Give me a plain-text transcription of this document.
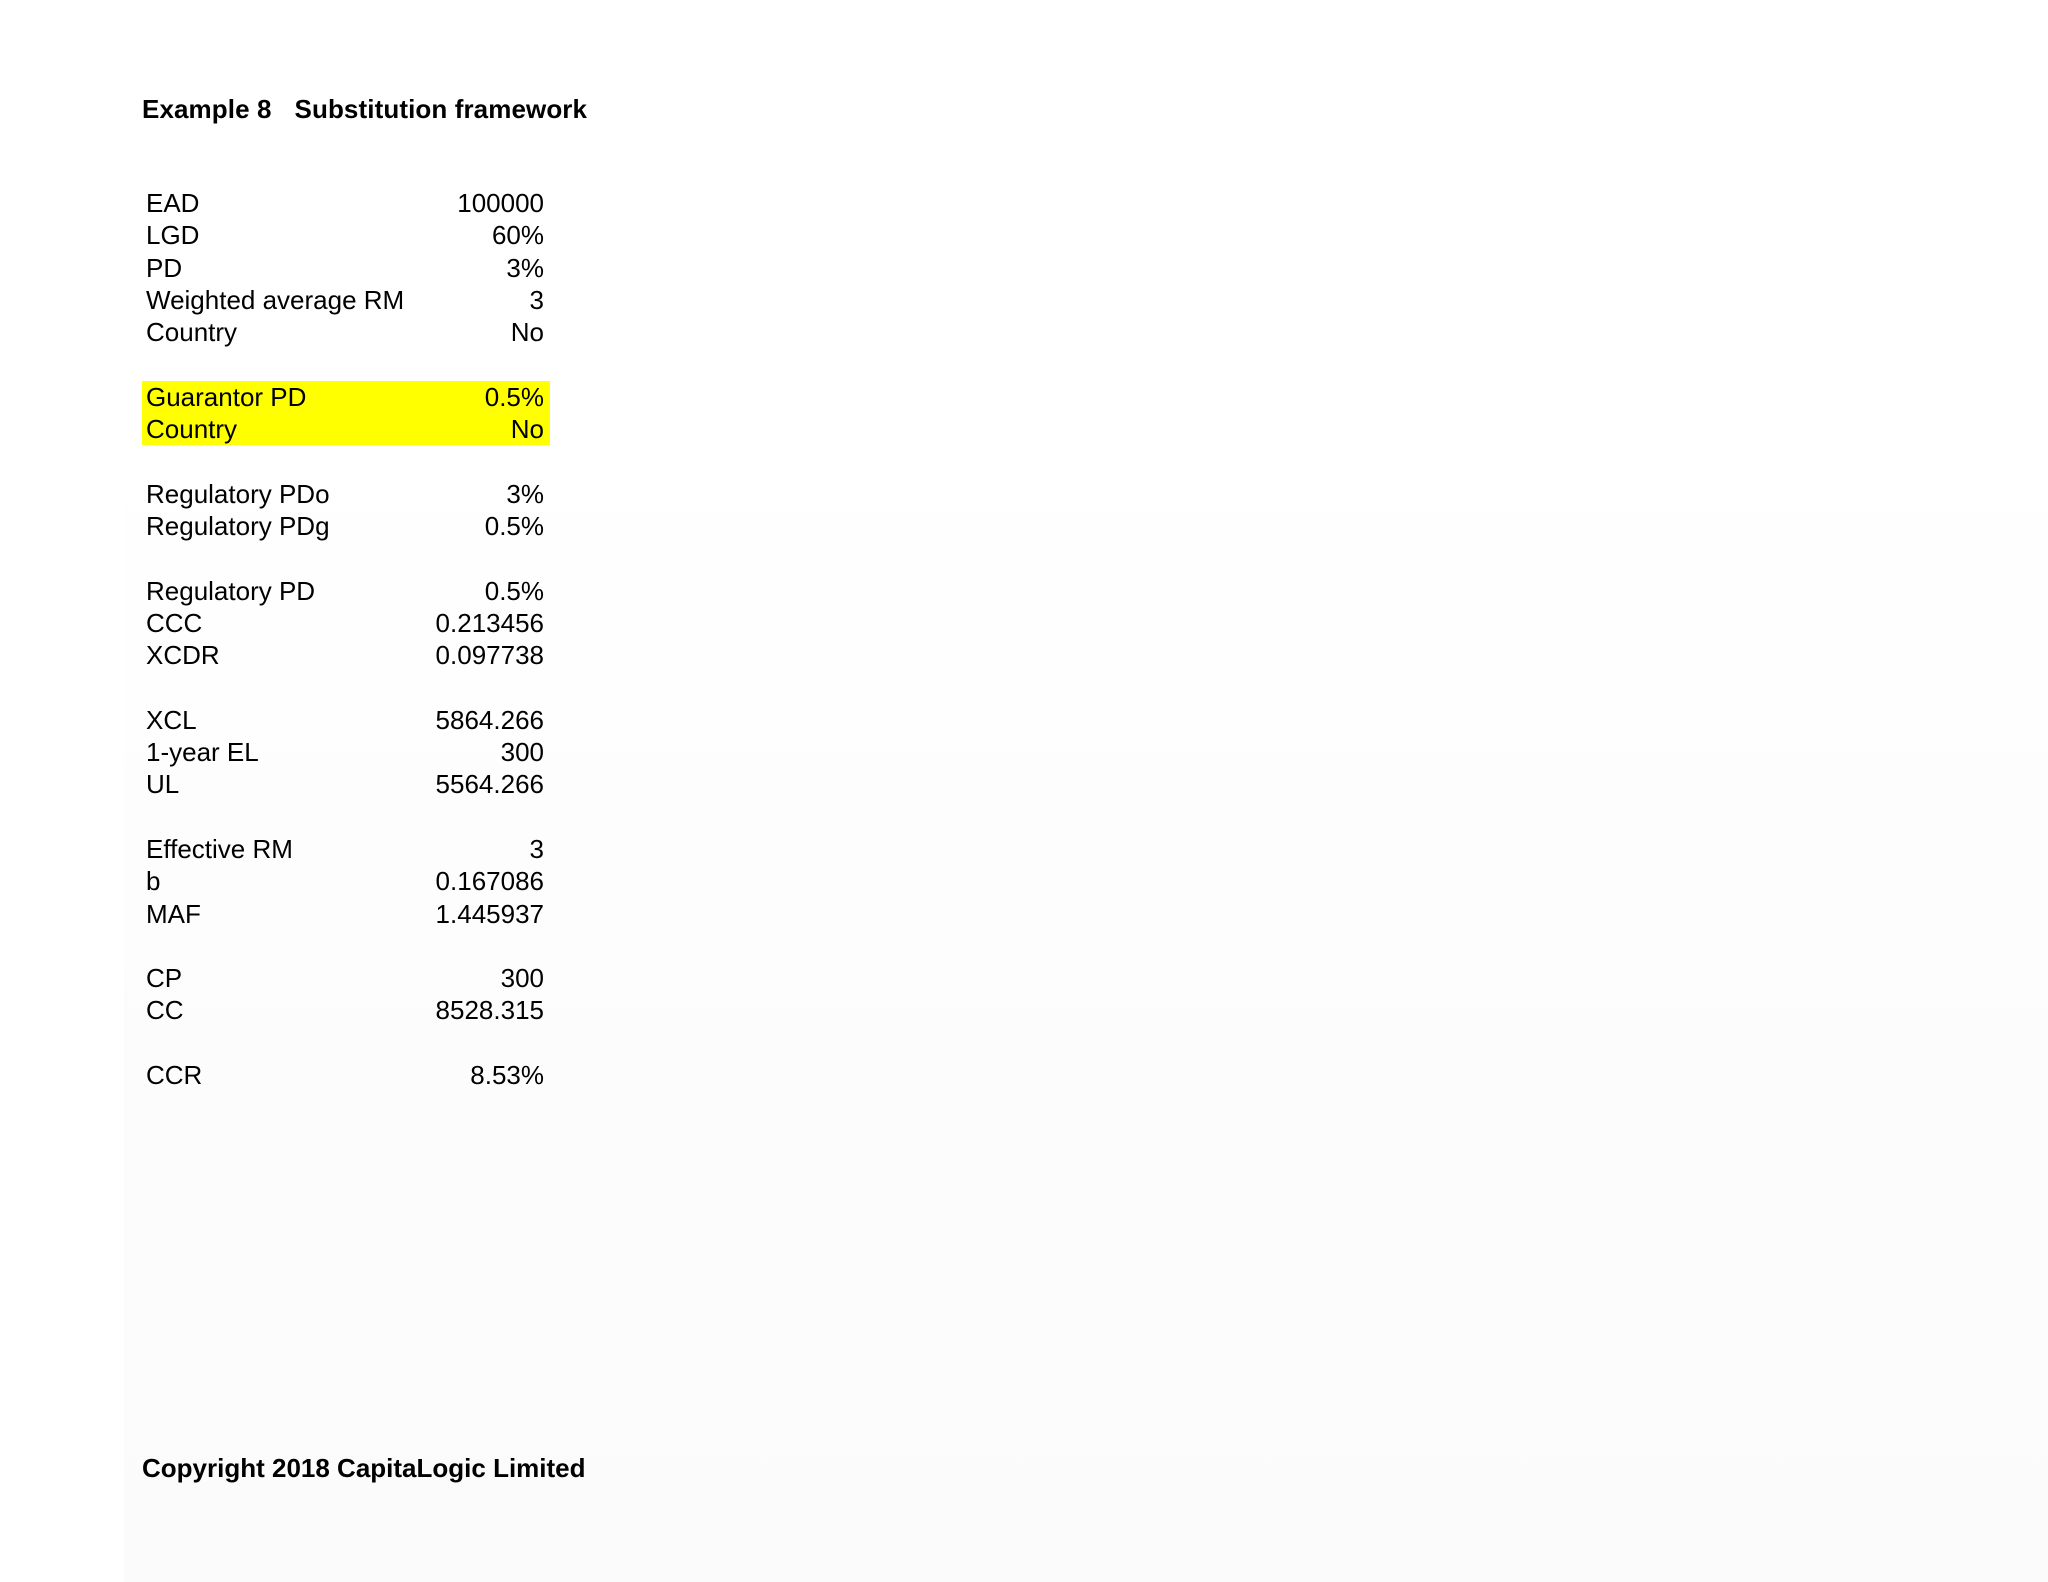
Example 8 Substitution framework
EAD	100000
LGD	60%
PD	3%
Weighted average RM	3
Country	No
Guarantor PD	0.5%
Country	No
Regulatory PDo	3%
Regulatory PDg	0.5%
Regulatory PD	0.5%
CCC	0.213456
XCDR	0.097738
XCL	5864.266
1-year EL	300
UL	5564.266
Effective RM	3
b	0.167086
MAF	1.445937
CP	300
CC	8528.315
CCR	8.53%
Copyright 2018 CapitaLogic Limited
